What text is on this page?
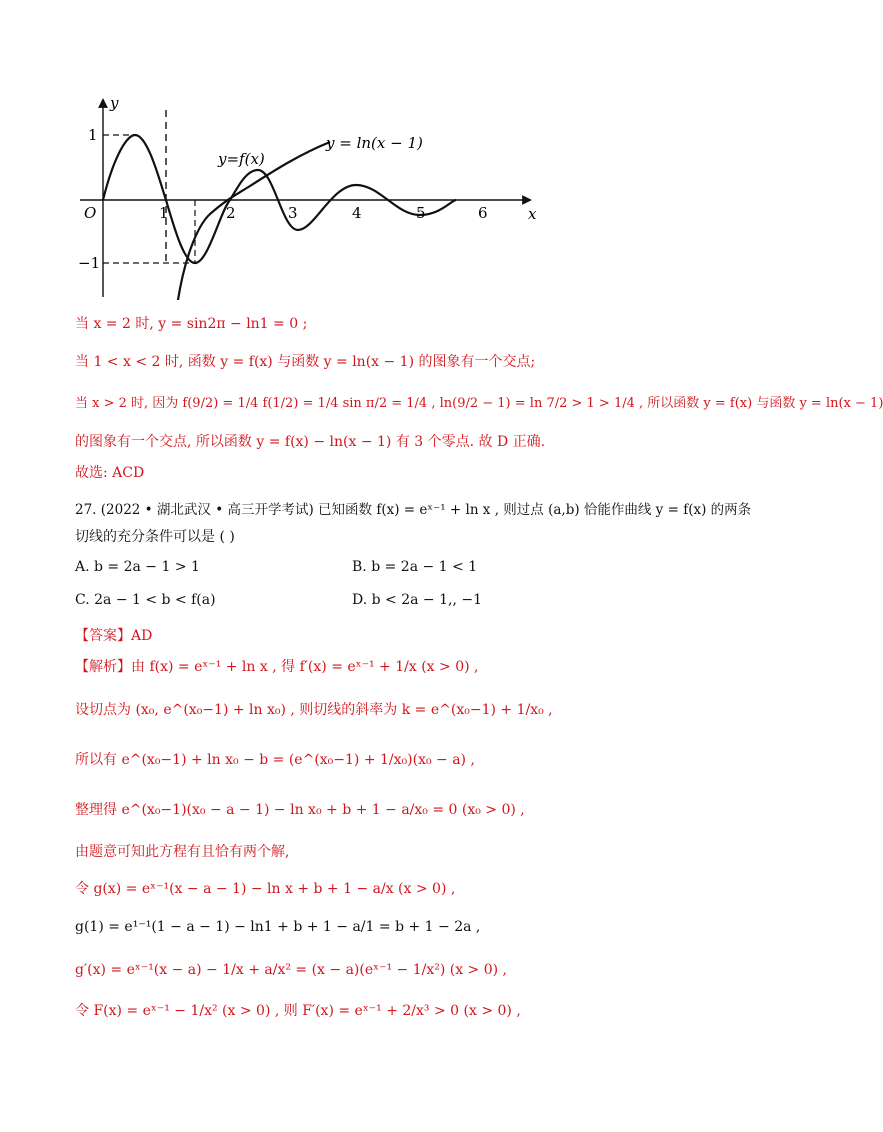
y
x
O
1
−1
1	2	3	4	5	6
y=f(x)
y = ln(x − 1)
当 x = 2 时, y = sin2π − ln1 = 0 ;
当 1 < x < 2 时, 函数 y = f(x) 与函数 y = ln(x − 1) 的图象有一个交点;
当 x > 2 时, 因为 f(9/2) = 1/4 f(1/2) = 1/4 sin π/2 = 1/4 , ln(9/2 − 1) = ln 7/2 > 1 > 1/4 , 所以函数 y = f(x) 与函数 y = ln(x − 1)
的图象有一个交点, 所以函数 y = f(x) − ln(x − 1) 有 3 个零点. 故 D 正确.
故选: ACD
27. (2022 • 湖北武汉 • 高三开学考试) 已知函数 f(x) = eˣ⁻¹ + ln x , 则过点 (a,b) 恰能作曲线 y = f(x) 的两条
切线的充分条件可以是 ( )
A. b = 2a − 1 > 1	B. b = 2a − 1 < 1
C. 2a − 1 < b < f(a)	D. b < 2a − 1,, −1
【答案】AD
【解析】由 f(x) = eˣ⁻¹ + ln x , 得 f′(x) = eˣ⁻¹ + 1/x (x > 0) ,
设切点为 (x₀, e^(x₀−1) + ln x₀) , 则切线的斜率为 k = e^(x₀−1) + 1/x₀ ,
所以有 e^(x₀−1) + ln x₀ − b = (e^(x₀−1) + 1/x₀)(x₀ − a) ,
整理得 e^(x₀−1)(x₀ − a − 1) − ln x₀ + b + 1 − a/x₀ = 0 (x₀ > 0) ,
由题意可知此方程有且恰有两个解,
令 g(x) = eˣ⁻¹(x − a − 1) − ln x + b + 1 − a/x (x > 0) ,
g(1) = e¹⁻¹(1 − a − 1) − ln1 + b + 1 − a/1 = b + 1 − 2a ,
g′(x) = eˣ⁻¹(x − a) − 1/x + a/x² = (x − a)(eˣ⁻¹ − 1/x²) (x > 0) ,
令 F(x) = eˣ⁻¹ − 1/x² (x > 0) , 则 F′(x) = eˣ⁻¹ + 2/x³ > 0 (x > 0) ,
